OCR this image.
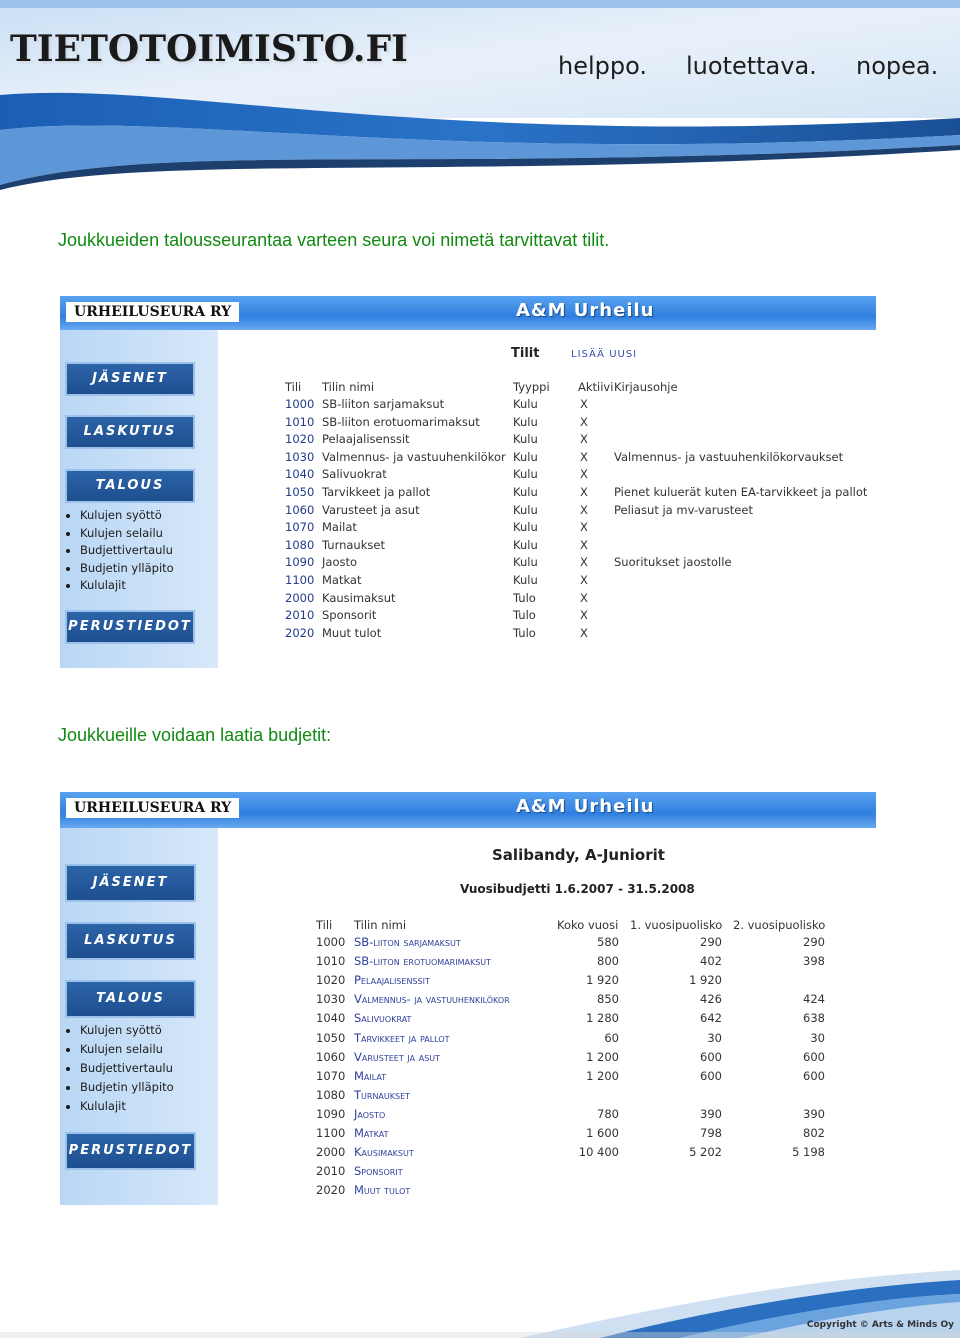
TIETOTOIMISTO.FI	helppo. luotettava. nopea.
Joukkueiden talousseurantaa varteen seura voi nimetä tarvittavat tilit.
URHEILUSEURA RY	A&M Urheilu
JÄSENET
LASKUTUS
TALOUS
• Kulujen syöttö
• Kulujen selailu
• Budjettivertaulu
• Budjetin ylläpito
• Kululajit
PERUSTIEDOT
Tilit	LISÄÄ UUSI
Tili Tilin nimi	Tyyppi Aktiivi Kirjausohje
1000 SB-liiton sarjamaksut	Kulu	X
1010 SB-liiton erotuomarimaksut	Kulu	X
1020 Pelaajalisenssit	Kulu	X
1030 Valmennus- ja vastuuhenkilökor Kulu	X Valmennus- ja vastuuhenkilökorvaukset
1040 Salivuokrat	Kulu	X
1050 Tarvikkeet ja pallot	Kulu	X Pienet kuluerät kuten EA-tarvikkeet ja pallot
1060 Varusteet ja asut	Kulu	X Peliasut ja mv-varusteet
1070 Mailat	Kulu	X
1080 Turnaukset	Kulu	X
1090 Jaosto	Kulu	X Suoritukset jaostolle
1100 Matkat	Kulu	X
2000 Kausimaksut	Tulo	X
2010 Sponsorit	Tulo	X
2020 Muut tulot	Tulo	X
Joukkueille voidaan laatia budjetit:
URHEILUSEURA RY	A&M Urheilu
JÄSENET
LASKUTUS
TALOUS
• Kulujen syöttö
• Kulujen selailu
• Budjettivertaulu
• Budjetin ylläpito
• Kululajit
PERUSTIEDOT
Salibandy, A-Juniorit
Vuosibudjetti 1.6.2007 - 31.5.2008
Tili Tilin nimi	Koko vuosi 1. vuosipuolisko 2. vuosipuolisko
1000 SB-liiton sarjamaksut	580	290	290
1010 SB-liiton erotuomarimaksut	800	402	398
1020 Pelaajalisenssit	1 920	1 920
1030 Valmennus- ja vastuuhenkilökor	850	426	424
1040 Salivuokrat	1 280	642	638
1050 Tarvikkeet ja pallot	60	30	30
1060 Varusteet ja asut	1 200	600	600
1070 Mailat	1 200	600	600
1080 Turnaukset
1090 Jaosto	780	390	390
1100 Matkat	1 600	798	802
2000 Kausimaksut	10 400	5 202	5 198
2010 Sponsorit
2020 Muut tulot
Copyright © Arts & Minds Oy
